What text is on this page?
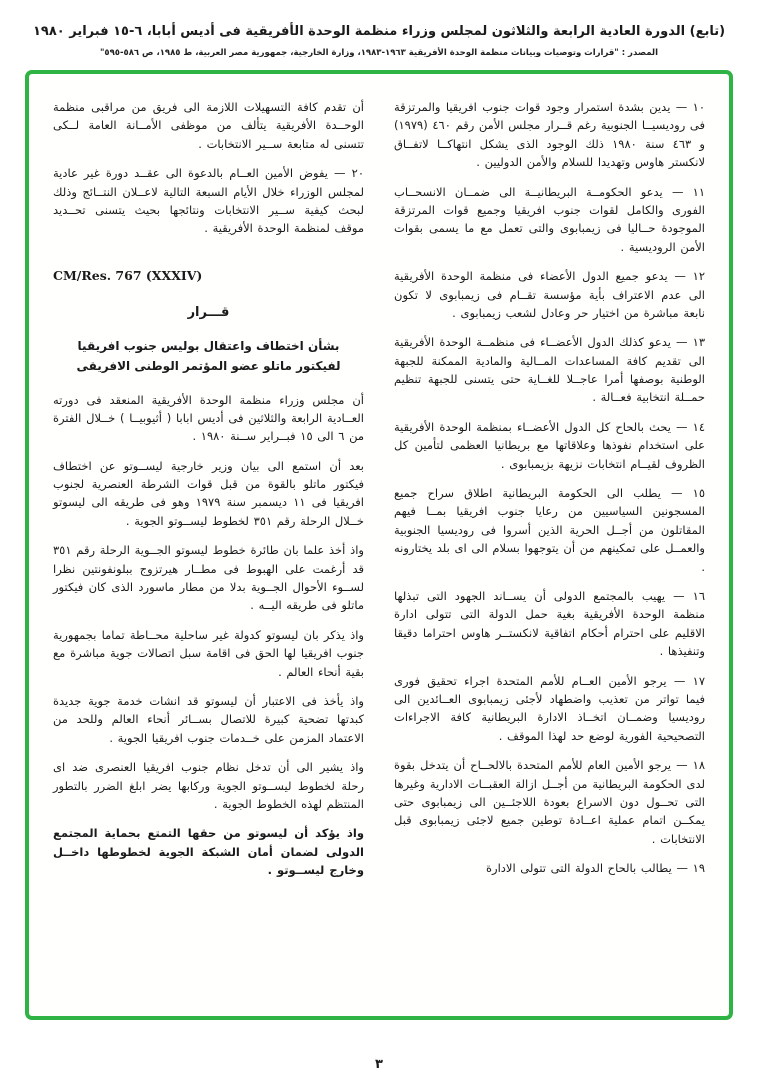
(تابع) الدورة العادية الرابعة والثلاثون لمجلس وزراء منظمة الوحدة الأفريقية فى أديس أبابا، ٦-١٥ فبراير ١٩٨٠
المصدر : "قرارات وتوصيات وبيانات منظمة الوحدة الأفريقية ١٩٦٣-١٩٨٣، وزارة الخارجية، جمهورية مصر العربية، ط ١٩٨٥، ص ٥٨٦-٥٩٥"

١٠ — يدين بشدة استمرار وجود قوات جنوب افريقيا والمرتزقة فى روديسيــا الجنوبية رغم قــرار مجلس الأمن رقم ٤٦٠ (١٩٧٩) و ٤٦٣ سنة ١٩٨٠ ذلك الوجود الذى يشكل انتهاكــا لاتفــاق لانكستر هاوس وتهديدا للسلام والأمن الدوليين .

١١ — يدعو الحكومــة البريطانيــة الى ضمــان الانسحــاب الفورى والكامل لقوات جنوب افريقيا وجميع قوات المرتزقة الموجودة حــاليا فى زيمبابوى والتى تعمل مع ما يسمى بقوات الأمن الروديسية .

١٢ — يدعو جميع الدول الأعضاء فى منظمة الوحدة الأفريقية الى عدم الاعتراف بأية مؤسسة تقــام فى زيمبابوى لا تكون نابعة مباشرة من اختيار حر وعادل لشعب زيمبابوى .

١٣ — يدعو كذلك الدول الأعضــاء فى منظمــة الوحدة الأفريقية الى تقديم كافة المساعدات المــالية والمادية الممكنة للجبهة الوطنية بوصفها أمرا عاجــلا للغــاية حتى يتسنى للجبهة تنظيم حمــلة انتخابية فعــالة .

١٤ — يحث بالحاح كل الدول الأعضــاء بمنظمة الوحدة الأفريقية على استخدام نفوذها وعلاقاتها مع بريطانيا العظمى لتأمين كل الظروف لقيــام انتخابات نزيهة بزيمبابوى .

١٥ — يطلب الى الحكومة البريطانية اطلاق سراح جميع المسجونين السياسيين من رعايا جنوب افريقيا بمــا فيهم المقاتلون من أجــل الحرية الذين أسروا فى روديسيا الجنوبية والعمــل على تمكينهم من أن يتوجهوا بسلام الى اى بلد يختارونه .

١٦ — يهيب بالمجتمع الدولى أن يســاند الجهود التى تبذلها منظمة الوحدة الأفريقية بغية حمل الدولة التى تتولى ادارة الاقليم على احترام أحكام اتفاقية لانكستــر هاوس احتراما دقيقا وتنفيذها .

١٧ — يرجو الأمين العــام للأمم المتحدة اجراء تحقيق فورى فيما تواتر من تعذيب واضطهاد لأجئى زيمبابوى العــائدين الى روديسيا وضمــان اتخــاذ الادارة البريطانية كافة الاجراءات التصحيحية الفورية لوضع حد لهذا الموقف .

١٨ — يرجو الأمين العام للأمم المتحدة بالالحــاح أن يتدخل بقوة لدى الحكومة البريطانية من أجــل ازالة العقبــات الادارية وغيرها التى تحــول دون الاسراع بعودة اللاجئــين الى زيمبابوى حتى يمكــن اتمام عملية اعــادة توطين جميع لاجئى زيمبابوى قبل الانتخابات .

١٩ — يطالب بالحاح الدولة التى تتولى الادارة

أن تقدم كافة التسهيلات اللازمة الى فريق من مراقبى منظمة الوحــدة الأفريقية يتألف من موظفى الأمــانة العامة لــكى تتسنى له متابعة ســير الانتخابات .

٢٠ — يفوض الأمين العــام بالدعوة الى عقــد دورة غير عادية لمجلس الوزراء خلال الأيام السبعة التالية لاعــلان النتــائج وذلك لبحث كيفية ســير الانتخابات ونتائجها بحيث يتسنى تحــديد موقف لمنظمة الوحدة الأفريقية .

CM/Res. 767 (XXXIV)
قـــرار
بشأن اختطاف واعتقال بوليس جنوب افريقيا
لفيكتور ماتلو عضو المؤتمر الوطنى الافريقى

أن مجلس وزراء منظمة الوحدة الأفريقية المنعقد فى دورته العــادية الرابعة والثلاثين فى أديس ابابا ( أثيوبيــا ) خــلال الفترة من ٦ الى ١٥ فبــراير ســنة ١٩٨٠ .

بعد أن استمع الى بيان وزير خارجية ليســوتو عن اختطاف فيكتور ماتلو بالقوة من قبل قوات الشرطة العنصرية لجنوب افريقيا فى ١١ ديسمبر سنة ١٩٧٩ وهو فى طريقه الى ليسوتو خــلال الرحلة رقم ٣٥١ لخطوط ليســوتو الجوية .

واذ أخذ علما بان طائرة خطوط ليسوتو الجــوية الرحلة رقم ٣٥١ قد أرغمت على الهبوط فى مطــار هيرتزوج ببلونفونتين نظرا لســوء الأحوال الجــوية بدلا من مطار ماسورد الذى كان فيكتور ماتلو فى طريقه اليــه .

واذ يذكر بان ليسوتو كدولة غير ساحلية محــاطة تماما بجمهورية جنوب افريقيا لها الحق فى اقامة سبل اتصالات جوية مباشرة مع بقية أنحاء العالم .

واذ يأخذ فى الاعتبار أن ليسوتو قد انشات خدمة جوية جديدة كبدتها تضحية كبيرة للاتصال بســائر أنحاء العالم وللحد من الاعتماد المزمن على خــدمات جنوب افريقيا الجوية .

واذ يشير الى أن تدخل نظام جنوب افريقيا العنصرى ضد اى رحلة لخطوط ليســوتو الجوية وركابها يضر ابلغ الضرر بالتطور المنتظم لهذه الخطوط الجوية .

واذ يؤكد أن ليسوتو من حقها التمتع بحماية المجتمع الدولى لضمان أمان الشبكة الجوية لخطوطها داخــل وخارج ليســوتو .

٣
